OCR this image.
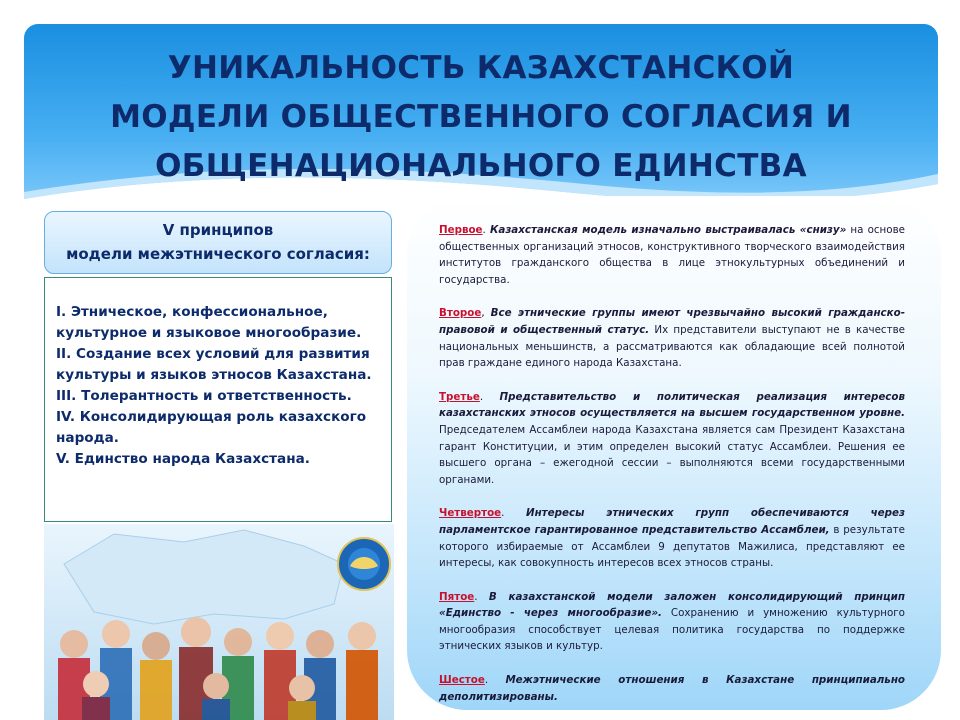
УНИКАЛЬНОСТЬ КАЗАХСТАНСКОЙ
МОДЕЛИ ОБЩЕСТВЕННОГО СОГЛАСИЯ И
ОБЩЕНАЦИОНАЛЬНОГО ЕДИНСТВА
V принципов
модели межэтнического согласия:

I. Этническое, конфессиональное, культурное и языковое многообразие.

II. Создание всех условий для развития культуры и языков этносов Казахстана.

III. Толерантность и ответственность.

IV. Консолидирующая роль казахского народа.

V. Единство народа Казахстана.

Первое. Казахстанская модель изначально выстраивалась «снизу» на основе общественных организаций этносов, конструктивного творческого взаимодействия институтов гражданского общества в лице этнокультурных объединений и государства.

Второе, Все этнические группы имеют чрезвычайно высокий гражданско-правовой и общественный статус. Их представители выступают не в качестве национальных меньшинств, а рассматриваются как обладающие всей полнотой прав граждане единого народа Казахстана.

Третье. Представительство и политическая реализация интересов казахстанских этносов осуществляется на высшем государственном уровне. Председателем Ассамблеи народа Казахстана является сам Президент Казахстана гарант Конституции, и этим определен высокий статус Ассамблеи. Решения ее высшего органа – ежегодной сессии – выполняются всеми государственными органами.

Четвертое. Интересы этнических групп обеспечиваются через парламентское гарантированное представительство Ассамблеи, в результате которого избираемые от Ассамблеи 9 депутатов Мажилиса, представляют ее интересы, как совокупность интересов всех этносов страны.

Пятое. В казахстанской модели заложен консолидирующий принцип «Единство - через многообразие». Сохранению и умножению культурного многообразия способствует целевая политика государства по поддержке этнических языков и культур.

Шестое. Межэтнические отношения в Казахстане принципиально деполитизированы.
